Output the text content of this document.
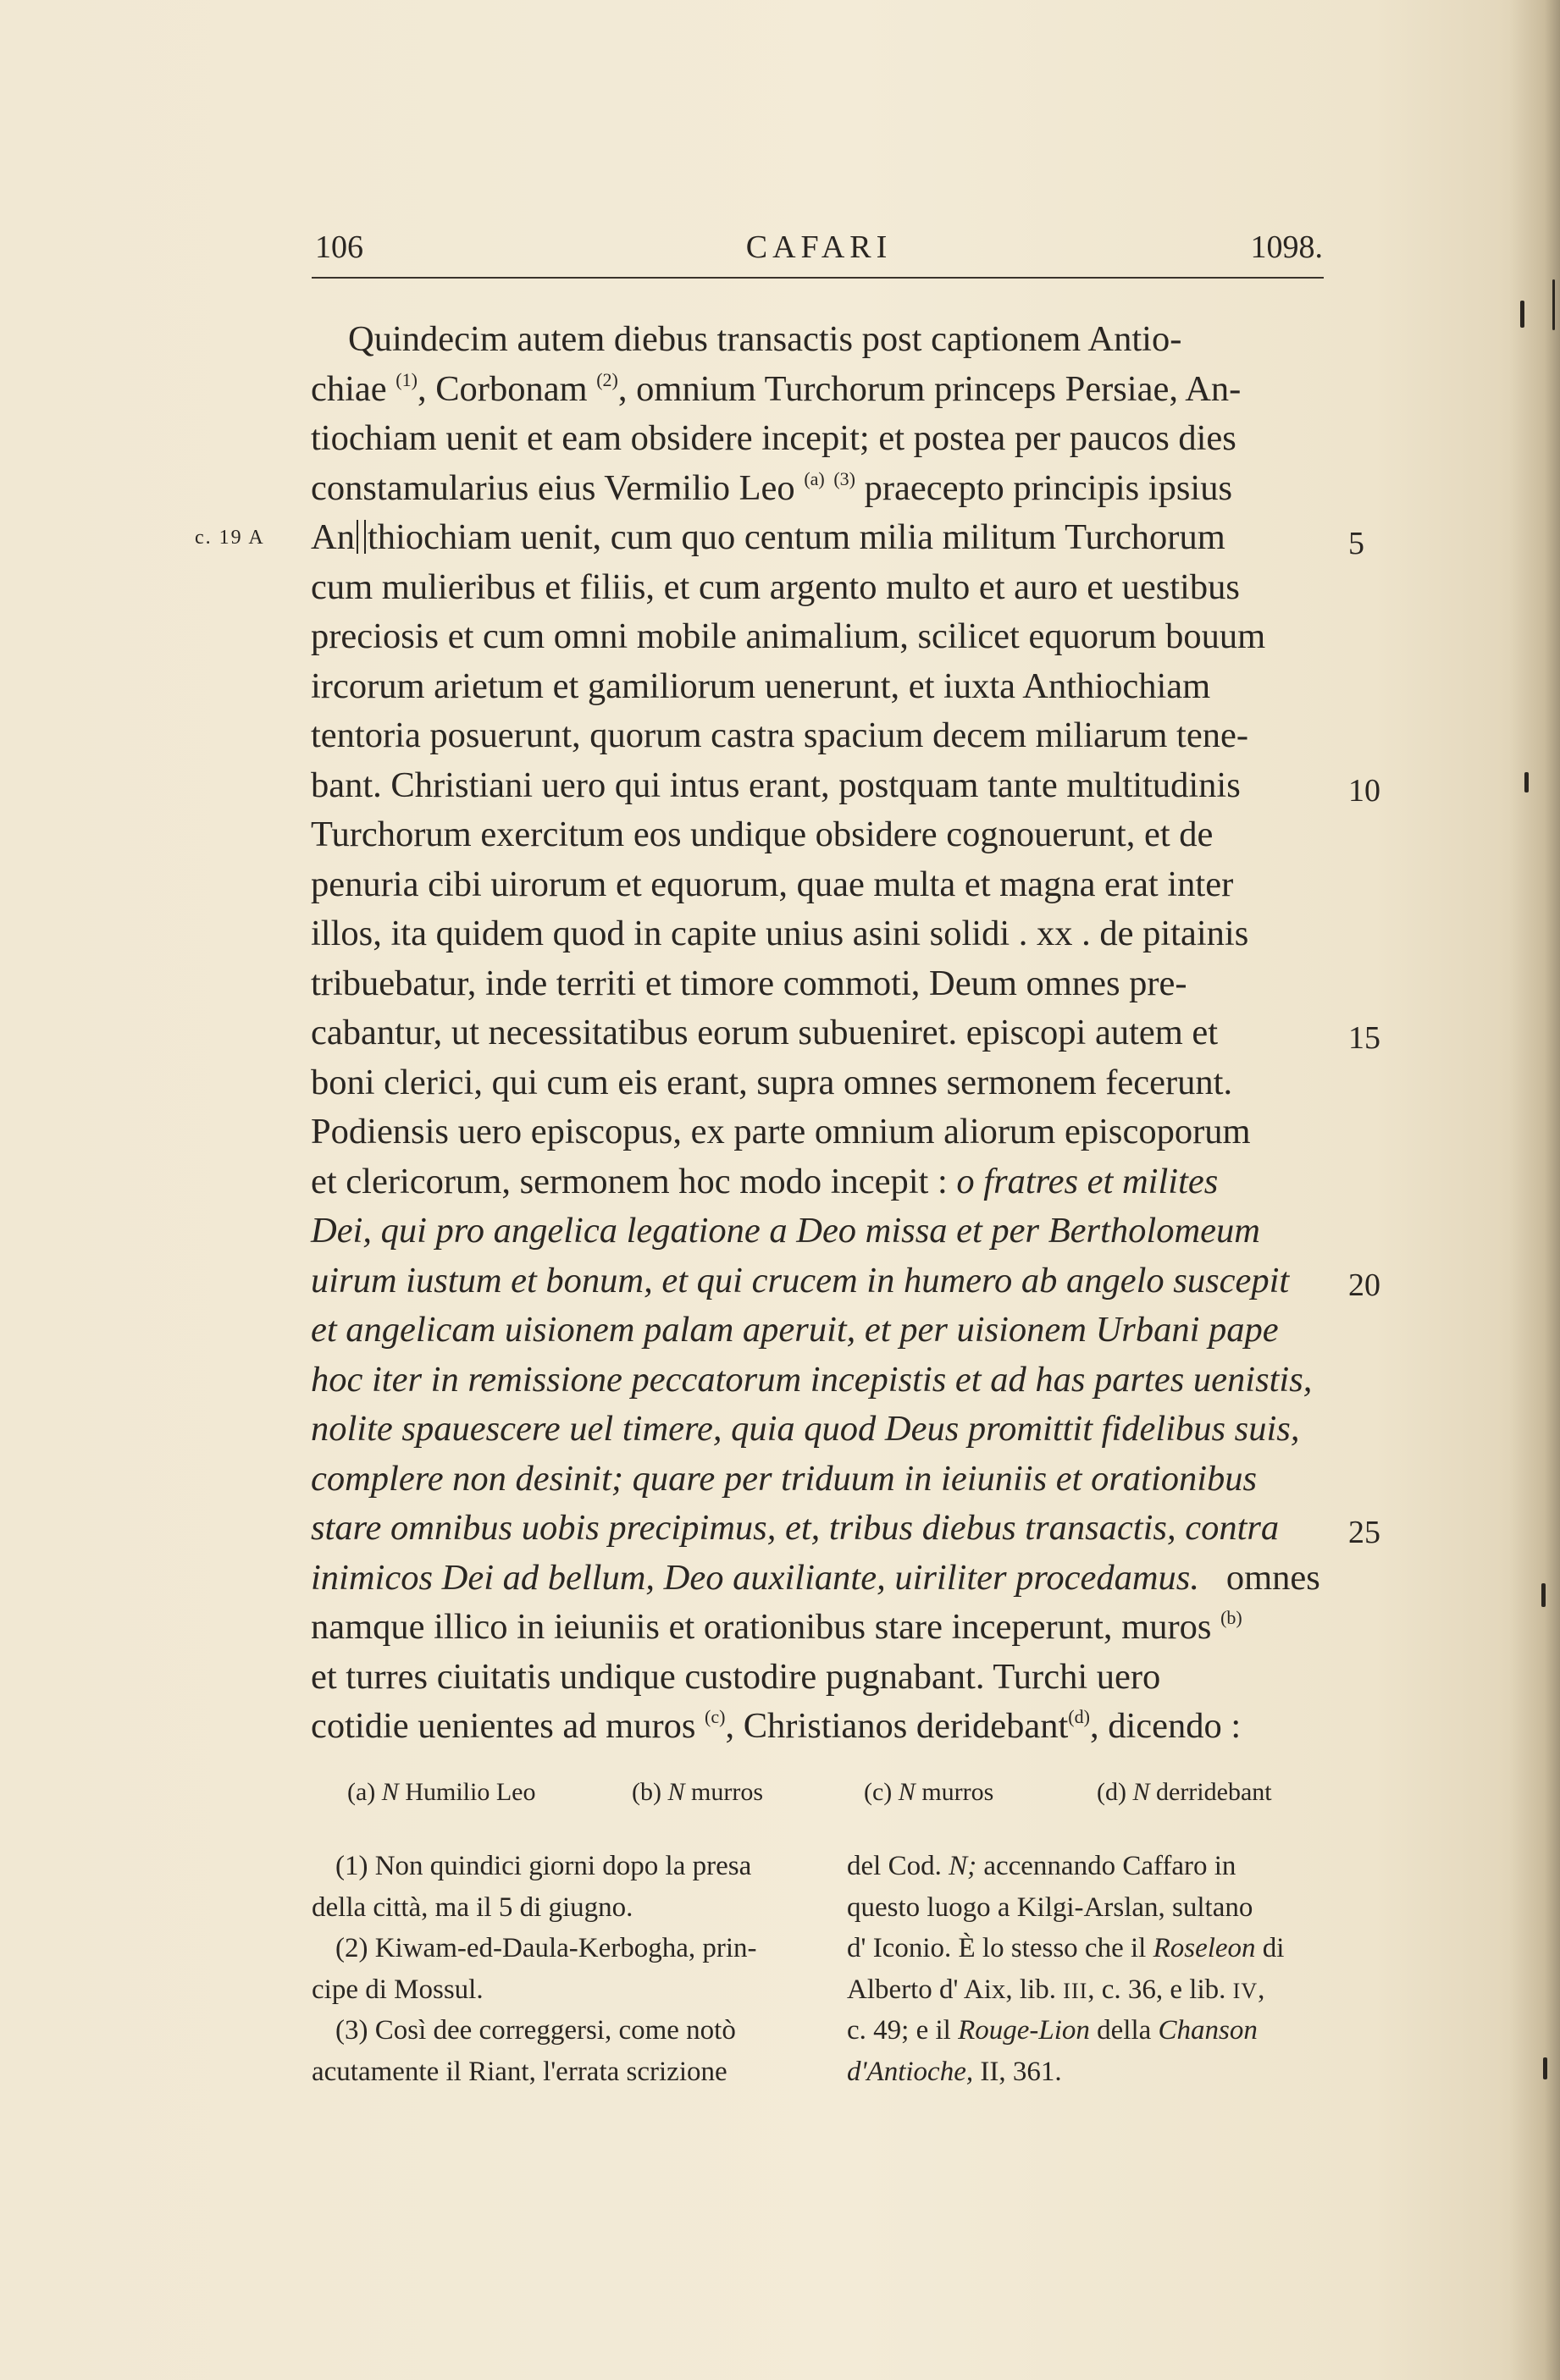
106	CAFARI	1098.
c. 19 A
Quindecim autem diebus transactis post captionem Antio-
chiae $^{(1)}$, Corbonam $^{(2)}$, omnium Turchorum princeps Persiae, An-
tiochiam uenit et eam obsidere incepit; et postea per paucos dies
constamularius eius Vermilio Leo $^{(a)}$ $^{(3)}$ praecepto principis ipsius
An thiochiam uenit, cum quo centum milia militum Turchorum
cum mulieribus et filiis, et cum argento multo et auro et uestibus
preciosis et cum omni mobile animalium, scilicet equorum bouum
ircorum arietum et gamiliorum uenerunt, et iuxta Anthiochiam
tentoria posuerunt, quorum castra spacium decem miliarum tene-
bant. Christiani uero qui intus erant, postquam tante multitudinis
Turchorum exercitum eos undique obsidere cognouerunt, et de
penuria cibi uirorum et equorum, quae multa et magna erat inter
illos, ita quidem quod in capite unius asini solidi . xx . de pitainis
tribuebatur, inde territi et timore commoti, Deum omnes pre-
cabantur, ut necessitatibus eorum subueniret. episcopi autem et
boni clerici, qui cum eis erant, supra omnes sermonem fecerunt.
Podiensis uero episcopus, ex parte omnium aliorum episcoporum
et clericorum, sermonem hoc modo incepit : o fratres et milites
Dei, qui pro angelica legatione a Deo missa et per Bertholomeum
uirum iustum et bonum, et qui crucem in humero ab angelo suscepit
et angelicam uisionem palam aperuit, et per uisionem Urbani pape
hoc iter in remissione peccatorum incepistis et ad has partes uenistis,
nolite spauescere uel timere, quia quod Deus promittit fidelibus suis,
complere non desinit; quare per triduum in ieiuniis et orationibus
stare omnibus uobis precipimus, et, tribus diebus transactis, contra
inimicos Dei ad bellum, Deo auxiliante, uiriliter procedamus.   omnes
namque illico in ieiuniis et orationibus stare inceperunt, muros $^{(b)}$
et turres ciuitatis undique custodire pugnabant. Turchi uero
cotidie uenientes ad muros $^{(c)}$, Christianos deridebant$^{(d)}$, dicendo :
5
10
15
20
25
(a) N Humilio Leo	(b) N murros	(c) N murros	(d) N derridebant
(1) Non quindici giorni dopo la presa
della città, ma il 5 di giugno.
(2) Kiwam-ed-Daula-Kerbogha, prin-
cipe di Mossul.
(3) Così dee correggersi, come notò
acutamente il Riant, l'errata scrizione
del Cod. N; accennando Caffaro in
questo luogo a Kilgi-Arslan, sultano
d' Iconio. È lo stesso che il Roseleon di
Alberto d' Aix, lib. III, c. 36, e lib. IV,
c. 49; e il Rouge-Lion della Chanson
d'Antioche, II, 361.
